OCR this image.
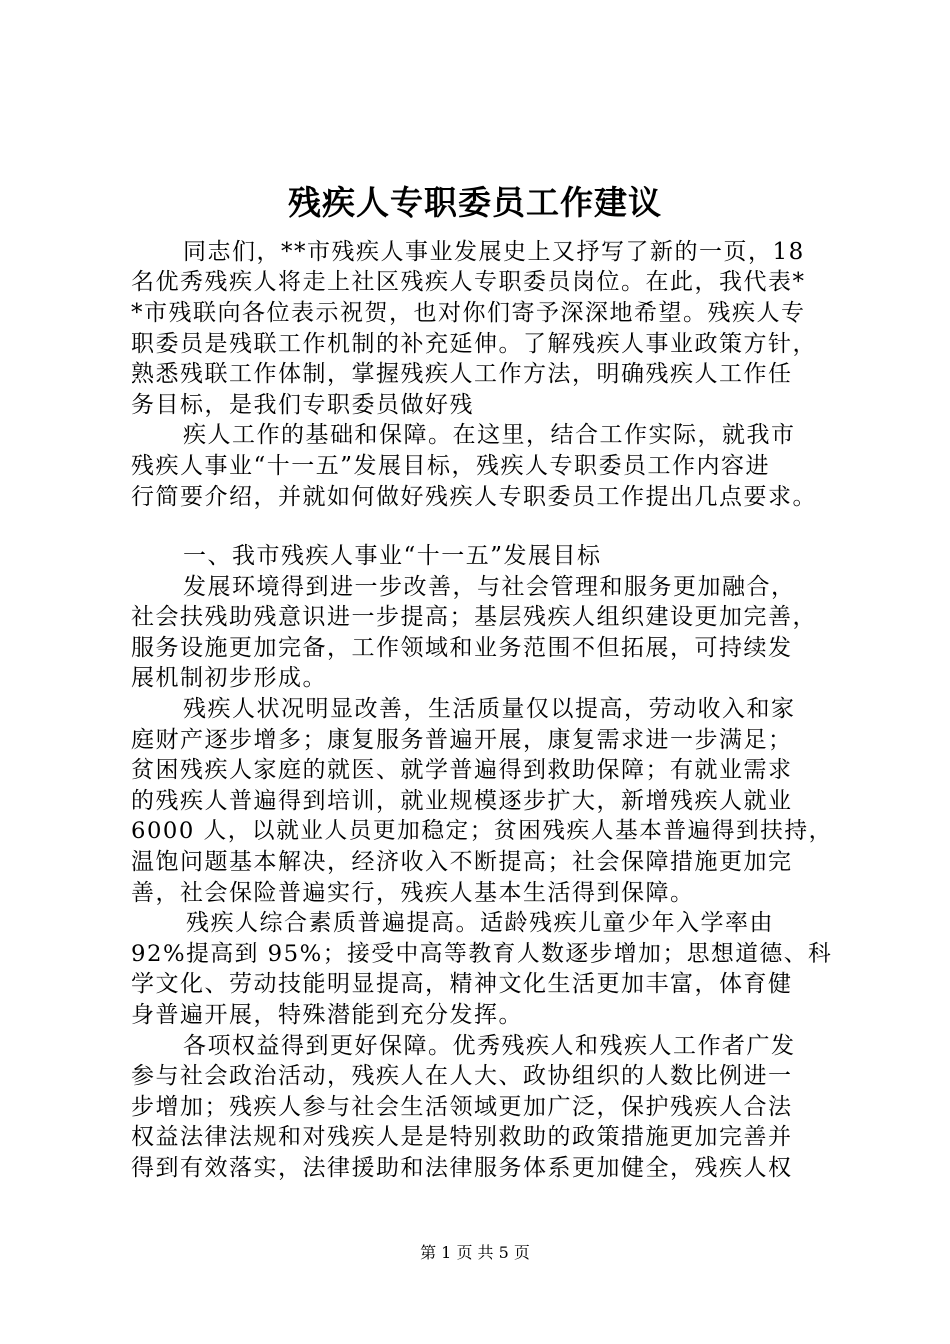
残疾人专职委员工作建议
同志们，**市残疾人事业发展史上又抒写了新的一页，18
名优秀残疾人将走上社区残疾人专职委员岗位。在此，我代表*
*市残联向各位表示祝贺，也对你们寄予深深地希望。残疾人专
职委员是残联工作机制的补充延伸。了解残疾人事业政策方针，
熟悉残联工作体制，掌握残疾人工作方法，明确残疾人工作任
务目标，是我们专职委员做好残
疾人工作的基础和保障。在这里，结合工作实际，就我市
残疾人事业“十一五”发展目标，残疾人专职委员工作内容进
行简要介绍，并就如何做好残疾人专职委员工作提出几点要求。
一、我市残疾人事业“十一五”发展目标
发展环境得到进一步改善，与社会管理和服务更加融合，
社会扶残助残意识进一步提高；基层残疾人组织建设更加完善，
服务设施更加完备，工作领域和业务范围不但拓展，可持续发
展机制初步形成。
残疾人状况明显改善，生活质量仅以提高，劳动收入和家
庭财产逐步增多；康复服务普遍开展，康复需求进一步满足；
贫困残疾人家庭的就医、就学普遍得到救助保障；有就业需求
的残疾人普遍得到培训，就业规模逐步扩大，新增残疾人就业
6000 人，以就业人员更加稳定；贫困残疾人基本普遍得到扶持，
温饱问题基本解决，经济收入不断提高；社会保障措施更加完
善，社会保险普遍实行，残疾人基本生活得到保障。
残疾人综合素质普遍提高。适龄残疾儿童少年入学率由
92%提高到 95%；接受中高等教育人数逐步增加；思想道德、科
学文化、劳动技能明显提高，精神文化生活更加丰富，体育健
身普遍开展，特殊潜能到充分发挥。
各项权益得到更好保障。优秀残疾人和残疾人工作者广发
参与社会政治活动，残疾人在人大、政协组织的人数比例进一
步增加；残疾人参与社会生活领域更加广泛，保护残疾人合法
权益法律法规和对残疾人是是特别救助的政策措施更加完善并
得到有效落实，法律援助和法律服务体系更加健全，残疾人权
第 1 页 共 5 页
